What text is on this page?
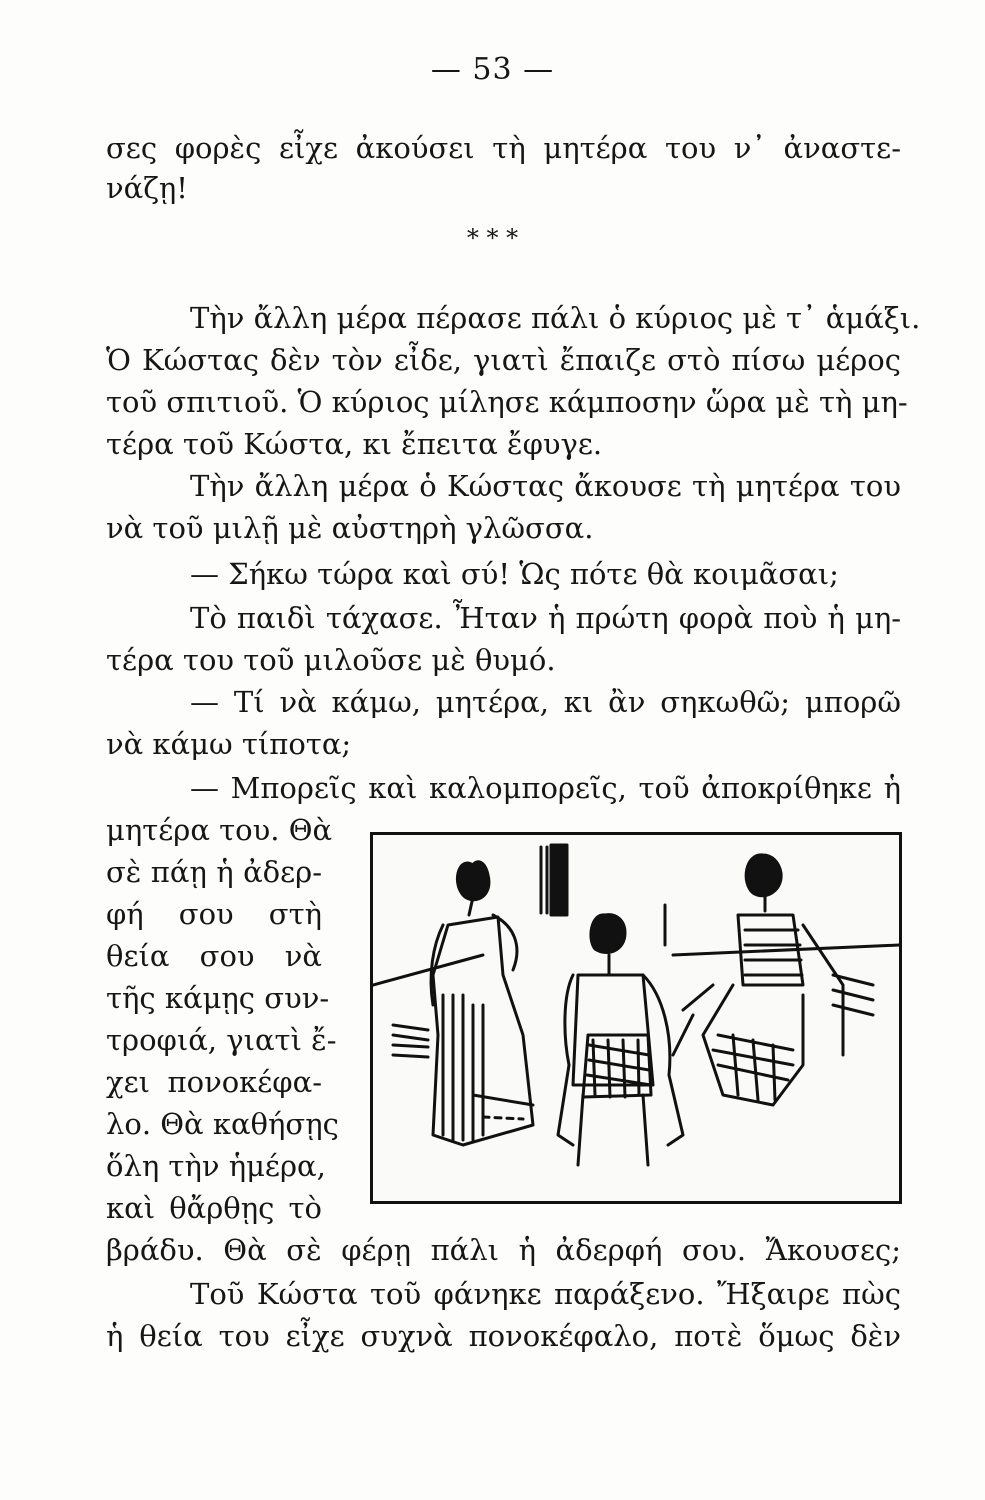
— 53 —
σες φορὲς εἶχε ἀκούσει τὴ μητέρα του ν᾽ ἀναστε-
νάζῃ!
* * *
Τὴν ἄλλη μέρα πέρασε πάλι ὁ κύριος μὲ τ᾽ ἁμάξι.
Ὁ Κώστας δὲν τὸν εἶδε, γιατὶ ἔπαιζε στὸ πίσω μέρος
τοῦ σπιτιοῦ. Ὁ κύριος μίλησε κάμποσην ὥρα μὲ τὴ μη-
τέρα τοῦ Κώστα, κι ἔπειτα ἔφυγε.
Τὴν ἄλλη μέρα ὁ Κώστας ἄκουσε τὴ μητέρα του
νὰ τοῦ μιλῇ μὲ αὐστηρὴ γλῶσσα.
— Σήκω τώρα καὶ σύ! Ὡς πότε θὰ κοιμᾶσαι;
Τὸ παιδὶ τάχασε. Ἦταν ἡ πρώτη φορὰ ποὺ ἡ μη-
τέρα του τοῦ μιλοῦσε μὲ θυμό.
— Τί νὰ κάμω, μητέρα, κι ἂν σηκωθῶ; μπορῶ
νὰ κάμω τίποτα;
— Μπορεῖς καὶ καλομπορεῖς, τοῦ ἀποκρίθηκε ἡ
μητέρα του. Θὰ
σὲ πάῃ ἡ ἀδερ-
φή σου στὴ
θεία σου νὰ
τῆς κάμῃς συν-
τροφιά, γιατὶ ἔ-
χει πονοκέφα-
λο. Θὰ καθήσῃς
ὅλη τὴν ἡμέρα,
καὶ θἄρθῃς τὸ
βράδυ. Θὰ σὲ φέρῃ πάλι ἡ ἀδερφή σου. Ἄκουσες;
Τοῦ Κώστα τοῦ φάνηκε παράξενο. Ἤξαιρε πὼς
ἡ θεία του εἶχε συχνὰ πονοκέφαλο, ποτὲ ὅμως δὲν
